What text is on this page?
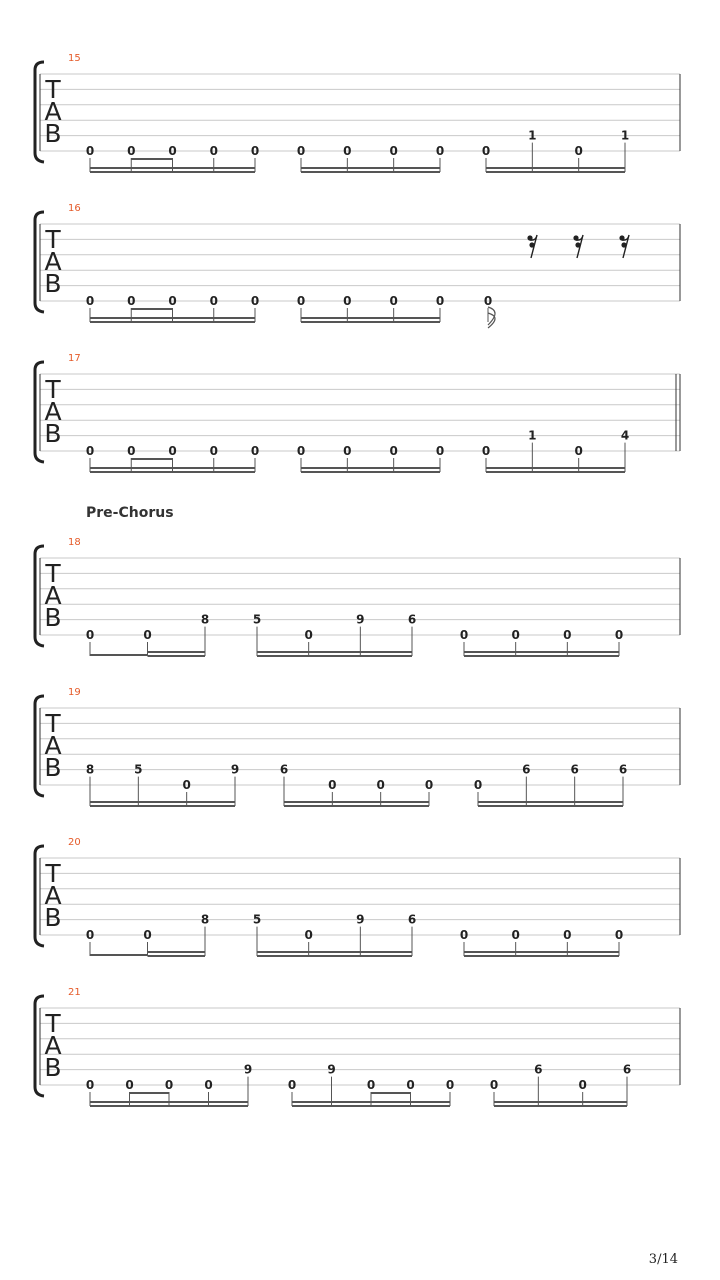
15
T
A
B
0	0	0	0	0	0	0	0	0	0
1
0
1
16
T
A
B
0	0	0	0	0	0	0	0	0	0
17
T
A
B
0	0	0	0	0	0	0	0	0	0
1
0
4
Pre-Chorus
18
T
A
B
0	0
8	5
0
9	6
0	0	0	0
19
T
A
B 8	5
0
9	6
0	0	0	0
6	6	6
20
T
A
B
0	0
8	5
0
9	6
0	0	0	0
21
T
A
B
0	0	0	0
9
0
9
0	0	0	0
6
0
6
3/14
